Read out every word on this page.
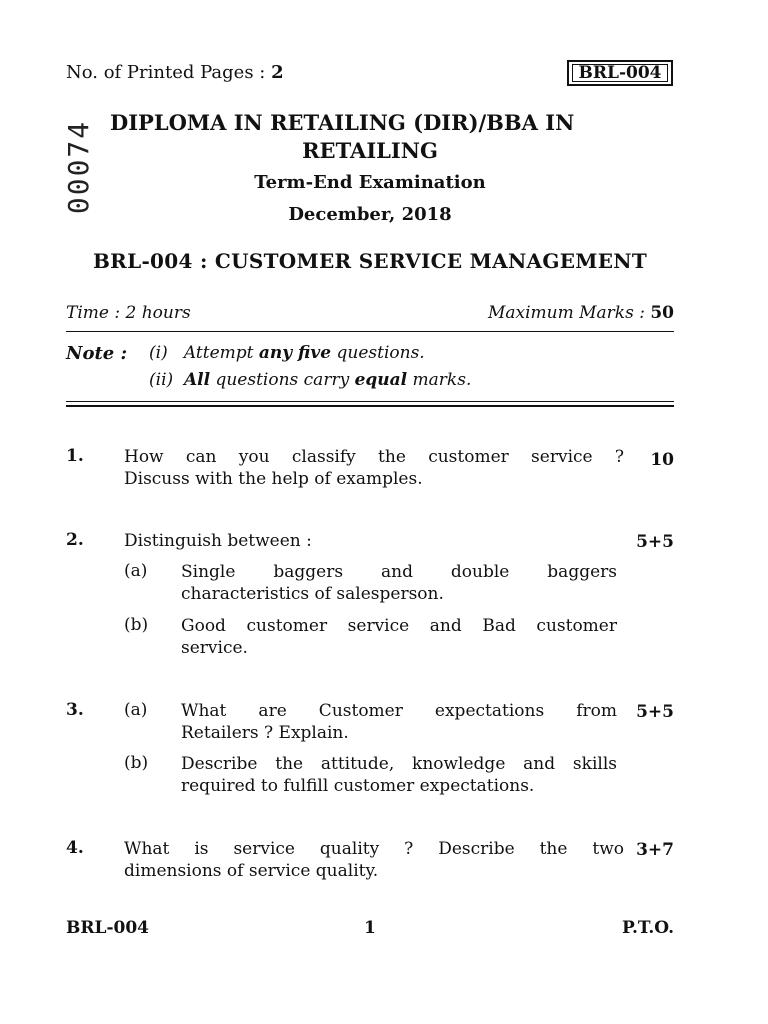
No. of Printed Pages : 2	BRL-004
00074 DIPLOMA IN RETAILING (DIR)/BBA IN
RETAILING
Term-End Examination
December, 2018
BRL-004 : CUSTOMER SERVICE MANAGEMENT
Time : 2 hours	Maximum Marks : 50
Note : (i) Attempt any five questions.
(ii) All questions carry equal marks.
1. How can you classify the customer service ?
Discuss with the help of examples.
10
2. Distinguish between :	5+5
(a) Single baggers and double baggers
characteristics of salesperson.
(b) Good customer service and Bad customer
service.
3. (a) What are Customer expectations from
Retailers ? Explain.
5+5
(b) Describe the attitude, knowledge and skills
required to fulfill customer expectations.
4. What is service quality ? Describe the two
dimensions of service quality.
3+7
BRL-004	1	P.T.O.
